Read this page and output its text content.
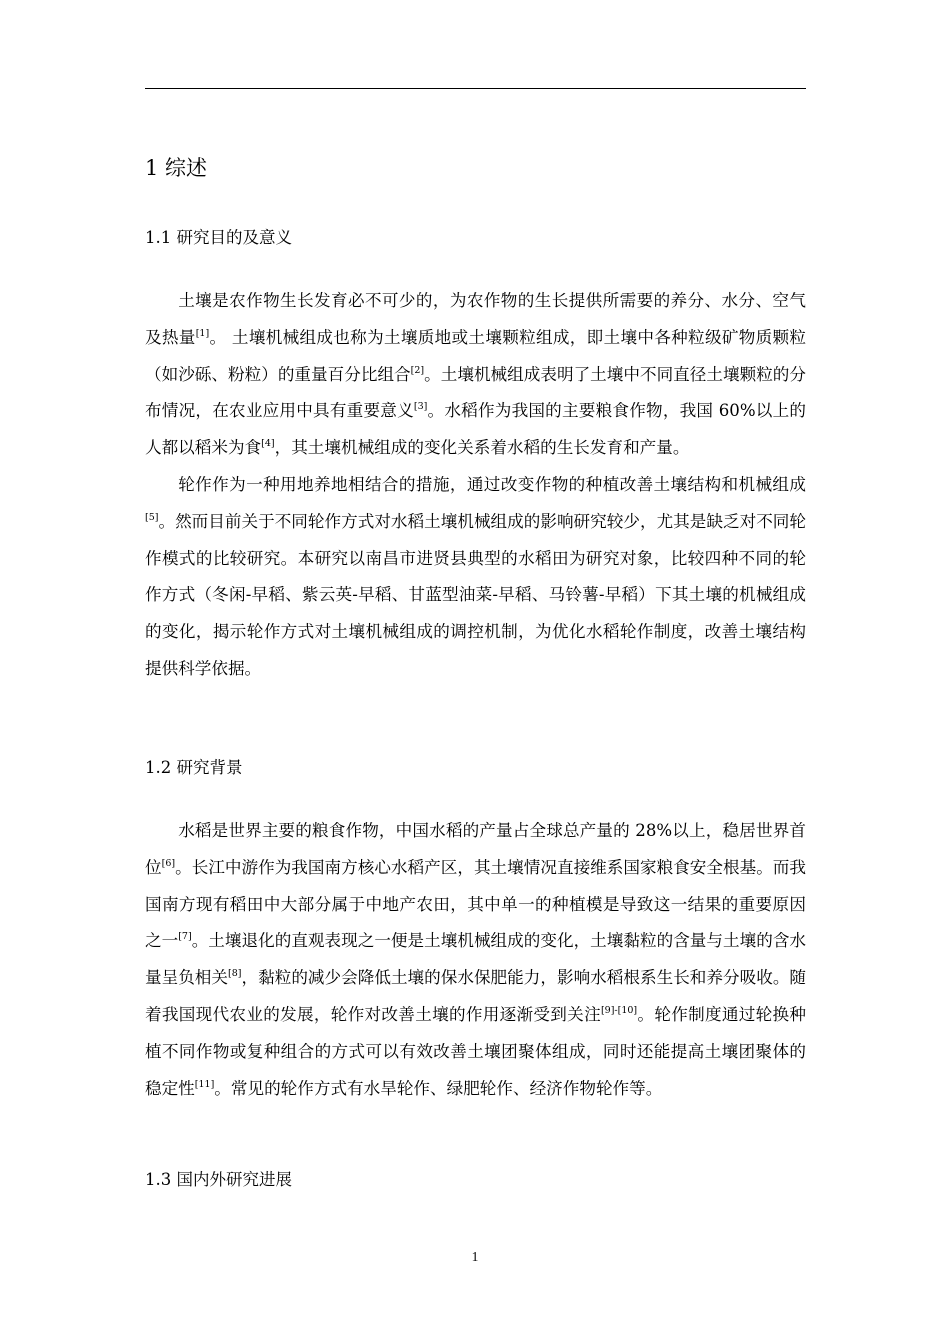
1 综述
1.1 研究目的及意义

土壤是农作物生长发育必不可少的，为农作物的生长提供所需要的养分、水分、空气及热量[1]。 土壤机械组成也称为土壤质地或土壤颗粒组成，即土壤中各种粒级矿物质颗粒（如沙砾、粉粒）的重量百分比组合[2]。土壤机械组成表明了土壤中不同直径土壤颗粒的分布情况，在农业应用中具有重要意义[3]。水稻作为我国的主要粮食作物，我国 60%以上的人都以稻米为食[4]，其土壤机械组成的变化关系着水稻的生长发育和产量。

轮作作为一种用地养地相结合的措施，通过改变作物的种植改善土壤结构和机械组成[5]。然而目前关于不同轮作方式对水稻土壤机械组成的影响研究较少，尤其是缺乏对不同轮作模式的比较研究。本研究以南昌市进贤县典型的水稻田为研究对象，比较四种不同的轮作方式（冬闲-早稻、紫云英-早稻、甘蓝型油菜-早稻、马铃薯-早稻）下其土壤的机械组成的变化，揭示轮作方式对土壤机械组成的调控机制，为优化水稻轮作制度，改善土壤结构提供科学依据。

1.2 研究背景

水稻是世界主要的粮食作物，中国水稻的产量占全球总产量的 28%以上，稳居世界首位[6]。长江中游作为我国南方核心水稻产区，其土壤情况直接维系国家粮食安全根基。而我国南方现有稻田中大部分属于中地产农田，其中单一的种植模是导致这一结果的重要原因之一[7]。土壤退化的直观表现之一便是土壤机械组成的变化，土壤黏粒的含量与土壤的含水量呈负相关[8]，黏粒的减少会降低土壤的保水保肥能力，影响水稻根系生长和养分吸收。随着我国现代农业的发展，轮作对改善土壤的作用逐渐受到关注[9]-[10]。轮作制度通过轮换种植不同作物或复种组合的方式可以有效改善土壤团聚体组成，同时还能提高土壤团聚体的稳定性[11]。常见的轮作方式有水旱轮作、绿肥轮作、经济作物轮作等。

1.3 国内外研究进展
1
